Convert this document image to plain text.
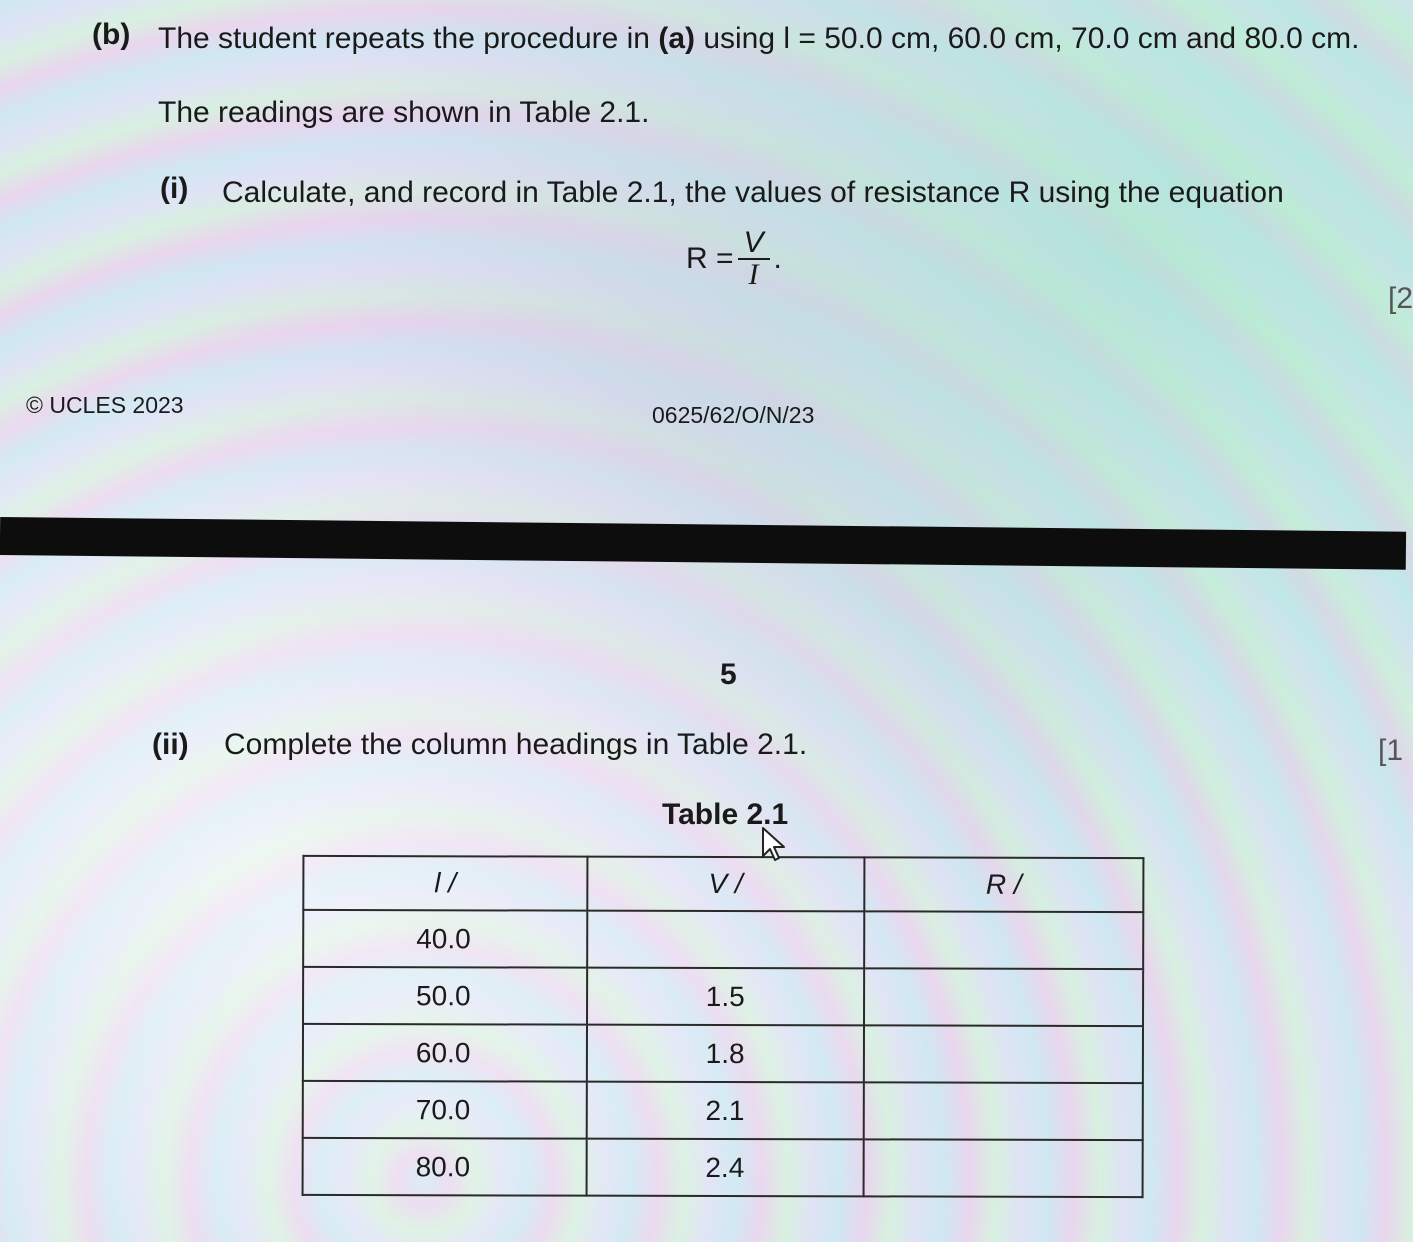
(b) The student repeats the procedure in (a) using l = 50.0 cm, 60.0 cm, 70.0 cm and 80.0 cm.
The readings are shown in Table 2.1.
(i) Calculate, and record in Table 2.1, the values of resistance R using the equation
$R = \frac{V}{I}$ .
[2
© UCLES 2023	0625/62/O/N/23
5
(ii) Complete the column headings in Table 2.1.	[1
Table 2.1
l /	V /	R /
40.0		
50.0	1.5	
60.0	1.8	
70.0	2.1	
80.0	2.4	
